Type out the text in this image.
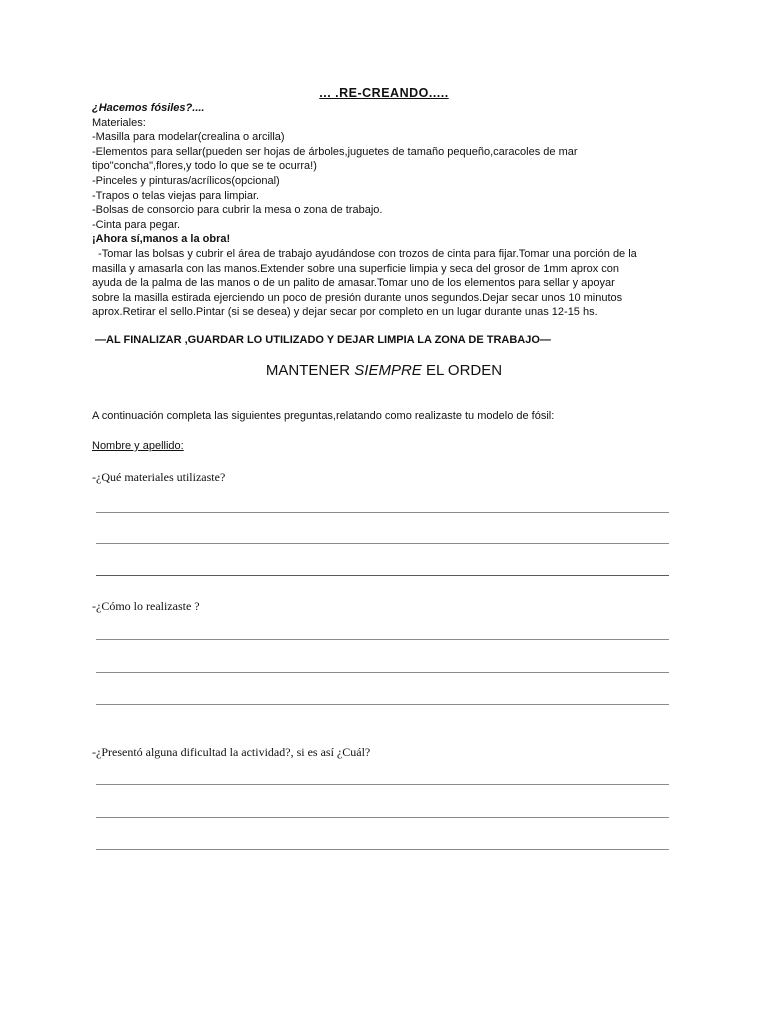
... .RE-CREANDO.....
¿Hacemos fósiles?....
Materiales:
-Masilla para modelar(crealina o arcilla)
-Elementos para sellar(pueden ser hojas de árboles,juguetes de tamaño pequeño,caracoles de mar
tipo"concha",flores,y todo lo que se te ocurra!)
-Pinceles y pinturas/acrílicos(opcional)
-Trapos o telas viejas para limpiar.
-Bolsas de consorcio para cubrir la mesa o zona de trabajo.
-Cinta para pegar.
¡Ahora sí,manos a la obra!
-Tomar las bolsas y cubrir el área de trabajo ayudándose con trozos de cinta para fijar.Tomar una porción de la
masilla y amasarla con las manos.Extender sobre una superficie limpia y seca del grosor de 1mm aprox con
ayuda de la palma de las manos o de un palito de amasar.Tomar uno de los elementos para sellar y apoyar
sobre la masilla estirada ejerciendo un poco de presión durante unos segundos.Dejar secar unos 10 minutos
aprox.Retirar el sello.Pintar (si se desea) y dejar secar por completo en un lugar durante unas 12-15 hs.
—AL FINALIZAR ,GUARDAR LO UTILIZADO Y DEJAR LIMPIA LA ZONA DE TRABAJO—
MANTENER SIEMPRE EL ORDEN
A continuación completa las siguientes preguntas,relatando como realizaste tu modelo de fósil:
Nombre y apellido:
-¿Qué materiales utilizaste?
-¿Cómo lo realizaste ?
-¿Presentó alguna dificultad la actividad?, si es así ¿Cuál?
